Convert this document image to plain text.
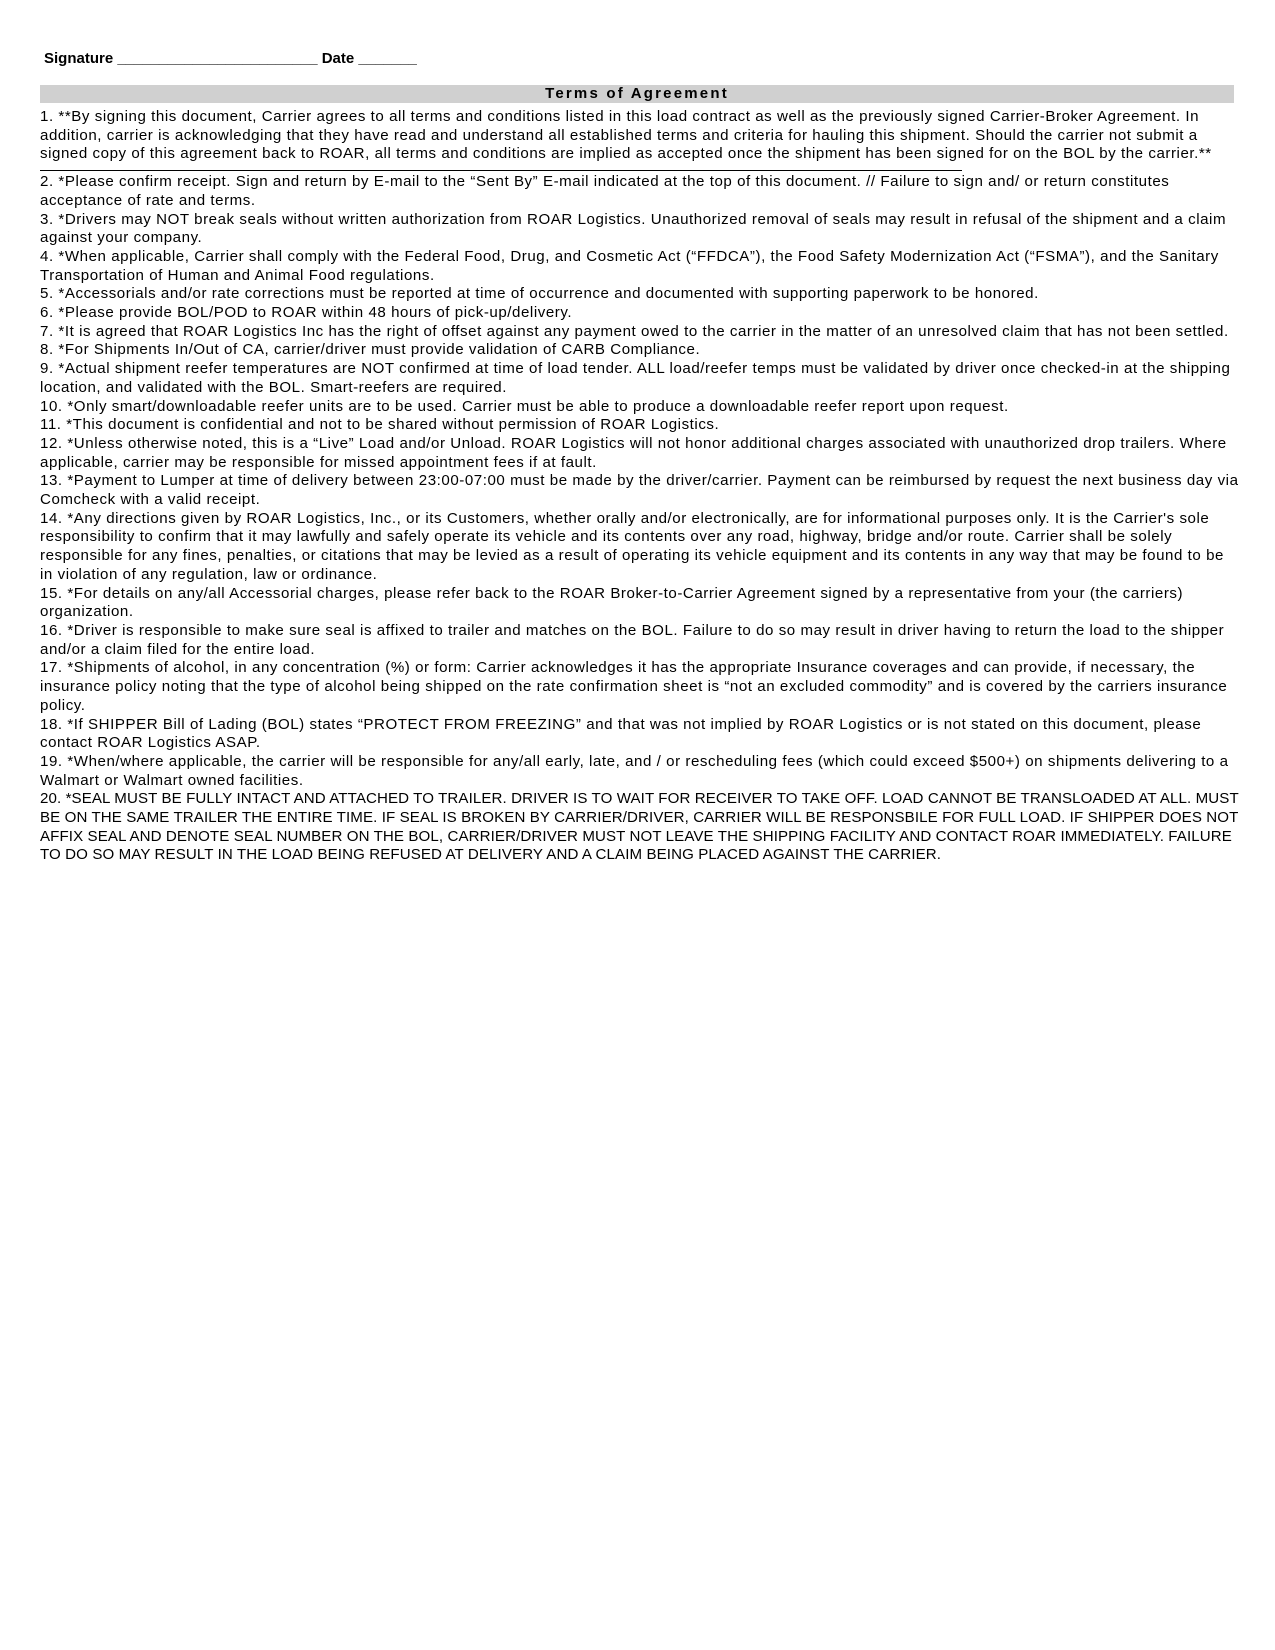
Signature ________________________ Date _______
Terms of Agreement

1. **By signing this document, Carrier agrees to all terms and conditions listed in this load contract as well as the previously signed Carrier-Broker Agreement. In addition, carrier is acknowledging that they have read and understand all established terms and criteria for hauling this shipment. Should the carrier not submit a signed copy of this agreement back to ROAR, all terms and conditions are implied as accepted once the shipment has been signed for on the BOL by the carrier.**

2. *Please confirm receipt. Sign and return by E-mail to the “Sent By” E-mail indicated at the top of this document. // Failure to sign and/ or return constitutes acceptance of rate and terms.

3. *Drivers may NOT break seals without written authorization from ROAR Logistics. Unauthorized removal of seals may result in refusal of the shipment and a claim against your company.

4. *When applicable, Carrier shall comply with the Federal Food, Drug, and Cosmetic Act (“FFDCA”), the Food Safety Modernization Act (“FSMA”), and the Sanitary Transportation of Human and Animal Food regulations.

5. *Accessorials and/or rate corrections must be reported at time of occurrence and documented with supporting paperwork to be honored.

6. *Please provide BOL/POD to ROAR within 48 hours of pick-up/delivery.

7. *It is agreed that ROAR Logistics Inc has the right of offset against any payment owed to the carrier in the matter of an unresolved claim that has not been settled.

8. *For Shipments In/Out of CA, carrier/driver must provide validation of CARB Compliance.

9. *Actual shipment reefer temperatures are NOT confirmed at time of load tender. ALL load/reefer temps must be validated by driver once checked-in at the shipping location, and validated with the BOL. Smart-reefers are required.

10. *Only smart/downloadable reefer units are to be used. Carrier must be able to produce a downloadable reefer report upon request.

11. *This document is confidential and not to be shared without permission of ROAR Logistics.

12. *Unless otherwise noted, this is a “Live” Load and/or Unload. ROAR Logistics will not honor additional charges associated with unauthorized drop trailers. Where applicable, carrier may be responsible for missed appointment fees if at fault.

13. *Payment to Lumper at time of delivery between 23:00-07:00 must be made by the driver/carrier. Payment can be reimbursed by request the next business day via Comcheck with a valid receipt.

14. *Any directions given by ROAR Logistics, Inc., or its Customers, whether orally and/or electronically, are for informational purposes only. It is the Carrier's sole responsibility to confirm that it may lawfully and safely operate its vehicle and its contents over any road, highway, bridge and/or route. Carrier shall be solely responsible for any fines, penalties, or citations that may be levied as a result of operating its vehicle equipment and its contents in any way that may be found to be in violation of any regulation, law or ordinance.

15. *For details on any/all Accessorial charges, please refer back to the ROAR Broker-to-Carrier Agreement signed by a representative from your (the carriers) organization.

16. *Driver is responsible to make sure seal is affixed to trailer and matches on the BOL. Failure to do so may result in driver having to return the load to the shipper and/or a claim filed for the entire load.

17. *Shipments of alcohol, in any concentration (%) or form: Carrier acknowledges it has the appropriate Insurance coverages and can provide, if necessary, the insurance policy noting that the type of alcohol being shipped on the rate confirmation sheet is “not an excluded commodity” and is covered by the carriers insurance policy.

18. *If SHIPPER Bill of Lading (BOL) states “PROTECT FROM FREEZING” and that was not implied by ROAR Logistics or is not stated on this document, please contact ROAR Logistics ASAP.

19. *When/where applicable, the carrier will be responsible for any/all early, late, and / or rescheduling fees (which could exceed $500+) on shipments delivering to a Walmart or Walmart owned facilities.

20. *SEAL MUST BE FULLY INTACT AND ATTACHED TO TRAILER. DRIVER IS TO WAIT FOR RECEIVER TO TAKE OFF. LOAD CANNOT BE TRANSLOADED AT ALL. MUST BE ON THE SAME TRAILER THE ENTIRE TIME. IF SEAL IS BROKEN BY CARRIER/DRIVER, CARRIER WILL BE RESPONSBILE FOR FULL LOAD. IF SHIPPER DOES NOT AFFIX SEAL AND DENOTE SEAL NUMBER ON THE BOL, CARRIER/DRIVER MUST NOT LEAVE THE SHIPPING FACILITY AND CONTACT ROAR IMMEDIATELY. FAILURE TO DO SO MAY RESULT IN THE LOAD BEING REFUSED AT DELIVERY AND A CLAIM BEING PLACED AGAINST THE CARRIER.
